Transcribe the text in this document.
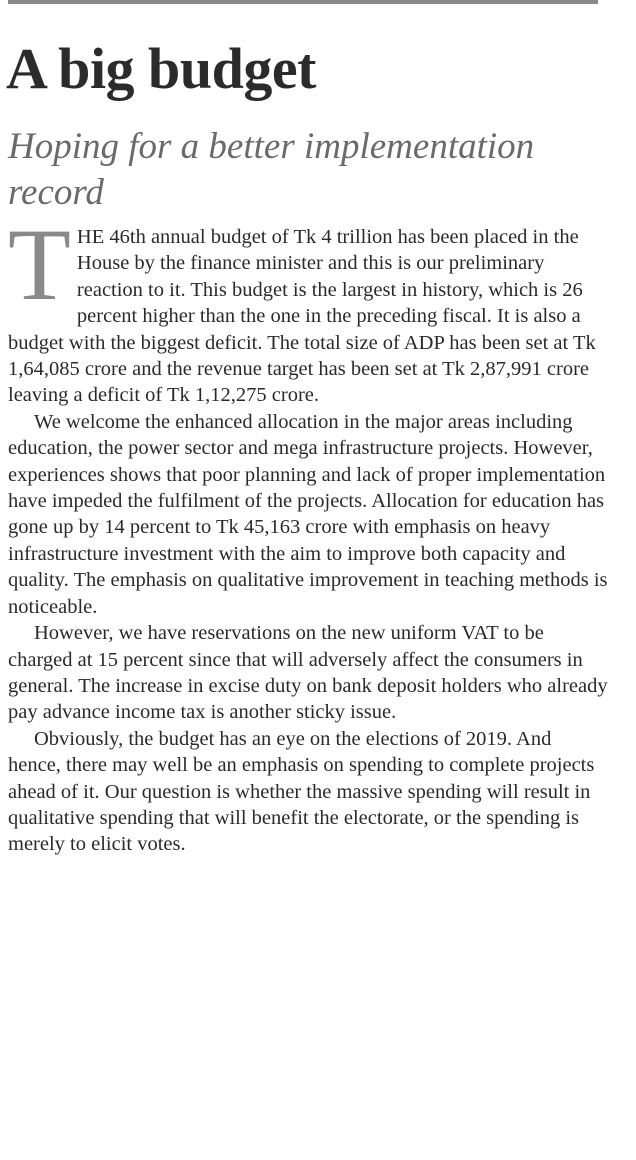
A big budget
Hoping for a better implementation record

THE 46th annual budget of Tk 4 trillion has been placed in the House by the finance minister and this is our preliminary reaction to it. This budget is the largest in history, which is 26 percent higher than the one in the preceding fiscal. It is also a budget with the biggest deficit. The total size of ADP has been set at Tk 1,64,085 crore and the revenue target has been set at Tk 2,87,991 crore leaving a deficit of Tk 1,12,275 crore.

We welcome the enhanced allocation in the major areas including education, the power sector and mega infrastructure projects. However, experiences shows that poor planning and lack of proper implementation have impeded the fulfilment of the projects. Allocation for education has gone up by 14 percent to Tk 45,163 crore with emphasis on heavy infrastructure investment with the aim to improve both capacity and quality. The emphasis on qualitative improvement in teaching methods is noticeable.

However, we have reservations on the new uniform VAT to be charged at 15 percent since that will adversely affect the consumers in general. The increase in excise duty on bank deposit holders who already pay advance income tax is another sticky issue.

Obviously, the budget has an eye on the elections of 2019. And hence, there may well be an emphasis on spending to complete projects ahead of it. Our question is whether the massive spending will result in qualitative spending that will benefit the electorate, or the spending is merely to elicit votes.
